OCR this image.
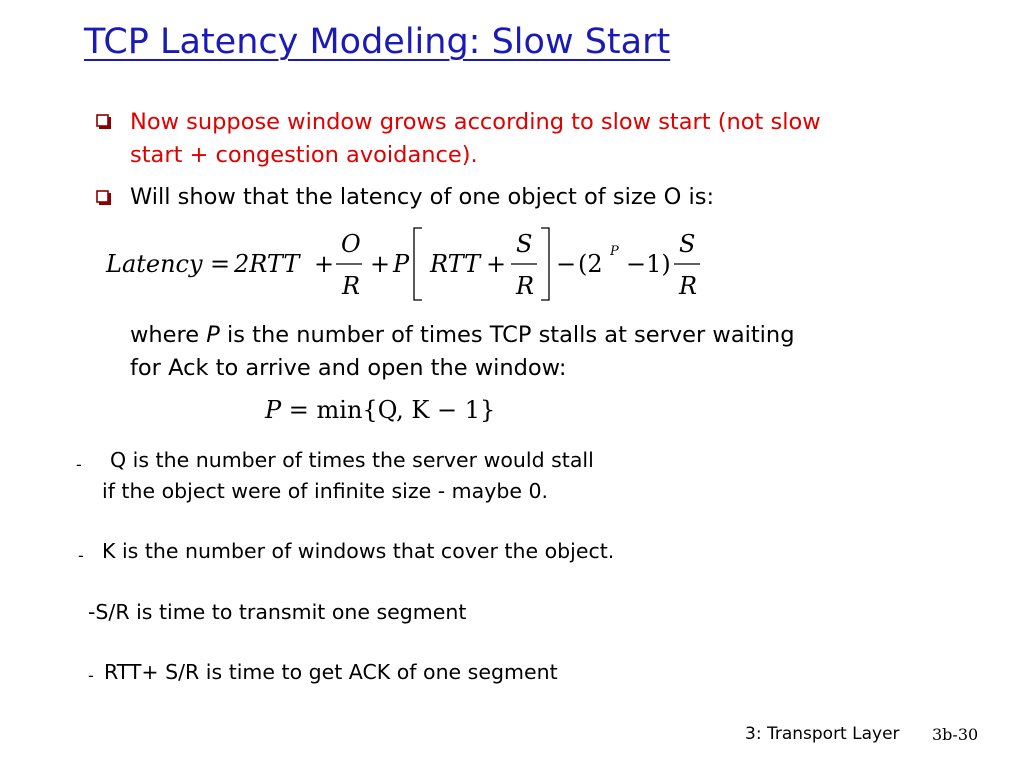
TCP Latency Modeling: Slow Start
Now suppose window grows according to slow start (not slow
start + congestion avoidance).
Will show that the latency of one object of size O is:
Latency = 2RTT +
O
R
+ P RTT +
S
R
− (2 P −1)
S
R
where P is the number of times TCP stalls at server waiting
for Ack to arrive and open the window:
P = min{Q, K − 1}
- Q is the number of times the server would stall
if the object were of infinite size - maybe 0.
- K is the number of windows that cover the object.
-S/R is time to transmit one segment
- RTT+ S/R is time to get ACK of one segment
3: Transport Layer 3b-30
